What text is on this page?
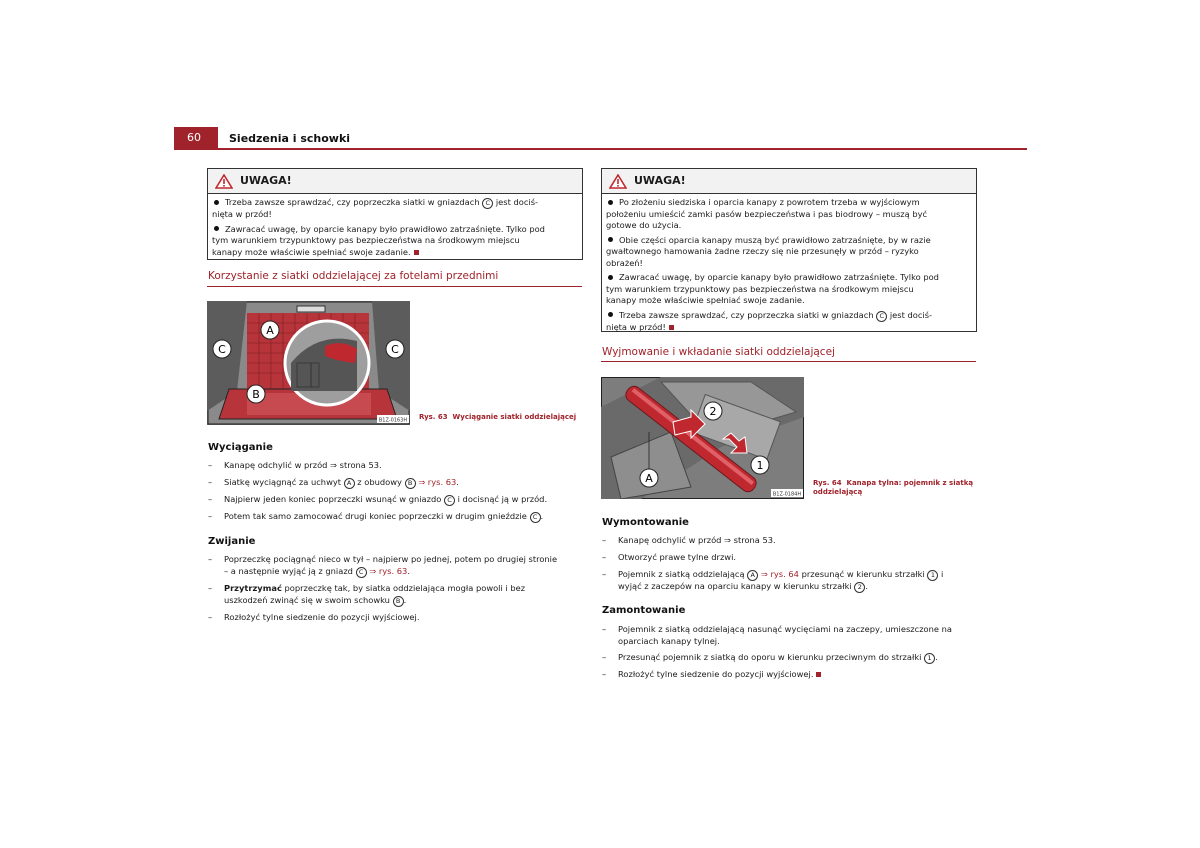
60	Siedzenia i schowki
UWAGA!

Trzeba zawsze sprawdzać, czy poprzeczka siatki w gniazdach C jest dociś-
nięta w przód!

Zawracać uwagę, by oparcie kanapy było prawidłowo zatrzaśnięte. Tylko pod
tym warunkiem trzypunktowy pas bezpieczeństwa na środkowym miejscu
kanapy może właściwie spełniać swoje zadanie.

Korzystanie z siatki oddzielającej za fotelami przednimi
A
C	C
B
B1Z-0163H Rys. 63 Wyciąganie siatki oddzielającej
Wyciąganie
– Kanapę odchylić w przód ⇒ strona 53.
– Siatkę wyciągnąć za uchwyt A z obudowy B ⇒ rys. 63.
– Najpierw jeden koniec poprzeczki wsunąć w gniazdo C i docisnąć ją w przód.
– Potem tak samo zamocować drugi koniec poprzeczki w drugim gnieździe C .
Zwijanie
– Poprzeczkę pociągnąć nieco w tył – najpierw po jednej, potem po drugiej stronie
– a następnie wyjąć ją z gniazd C ⇒ rys. 63.
– Przytrzymać poprzeczkę tak, by siatka oddzielająca mogła powoli i bez
uszkodzeń zwinąć się w swoim schowku B .
– Rozłożyć tylne siedzenie do pozycji wyjściowej.
UWAGA!

Po złożeniu siedziska i oparcia kanapy z powrotem trzeba w wyjściowym
położeniu umieścić zamki pasów bezpieczeństwa i pas biodrowy – muszą być
gotowe do użycia.

Obie części oparcia kanapy muszą być prawidłowo zatrzaśnięte, by w razie
gwałtownego hamowania żadne rzeczy się nie przesunęły w przód – ryzyko
obrażeń!

Zawracać uwagę, by oparcie kanapy było prawidłowo zatrzaśnięte. Tylko pod
tym warunkiem trzypunktowy pas bezpieczeństwa na środkowym miejscu
kanapy może właściwie spełniać swoje zadanie.

Trzeba zawsze sprawdzać, czy poprzeczka siatki w gniazdach C jest dociś-
nięta w przód!

Wyjmowanie i wkładanie siatki oddzielającej
2
1
A
B1Z-0184H
Rys. 64 Kanapa tylna: pojemnik z siatką
oddzielającą
Wymontowanie
– Kanapę odchylić w przód ⇒ strona 53.
– Otworzyć prawe tylne drzwi.
– Pojemnik z siatką oddzielającą A ⇒ rys. 64 przesunąć w kierunku strzałki 1 i
wyjąć z zaczepów na oparciu kanapy w kierunku strzałki 2 .
Zamontowanie
– Pojemnik z siatką oddzielającą nasunąć wycięciami na zaczepy, umieszczone na
oparciach kanapy tylnej.
– Przesunąć pojemnik z siatką do oporu w kierunku przeciwnym do strzałki 1 .
– Rozłożyć tylne siedzenie do pozycji wyjściowej.
